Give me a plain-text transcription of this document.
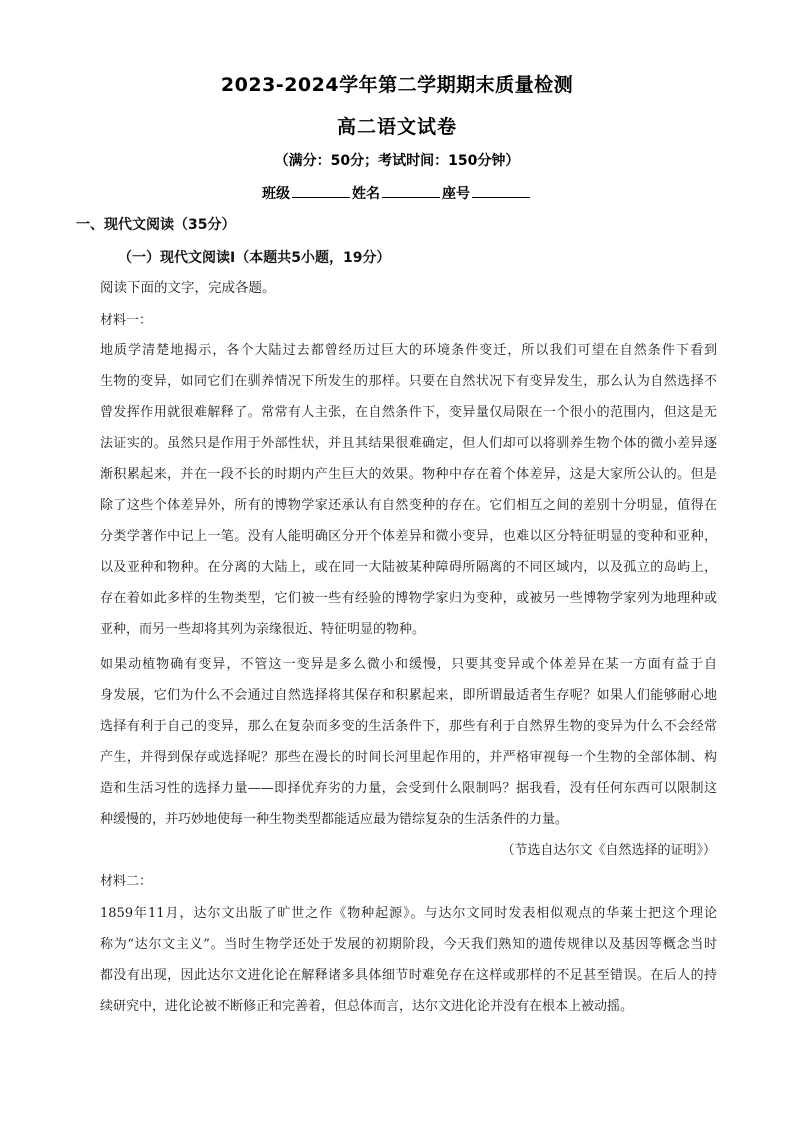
2023-2024学年第二学期期末质量检测
高二语文试卷
（满分：50分；考试时间：150分钟）
班级	姓名	座号
一、现代文阅读（35分）
（一）现代文阅读Ⅰ（本题共5小题，19分）
阅读下面的文字，完成各题。
材料一：
地质学清楚地揭示，各个大陆过去都曾经历过巨大的环境条件变迁，所以我们可望在自然条件下看到
生物的变异，如同它们在驯养情况下所发生的那样。只要在自然状况下有变异发生，那么认为自然选择不
曾发挥作用就很难解释了。常常有人主张，在自然条件下，变异量仅局限在一个很小的范围内，但这是无
法证实的。虽然只是作用于外部性状，并且其结果很难确定，但人们却可以将驯养生物个体的微小差异逐
渐积累起来，并在一段不长的时期内产生巨大的效果。物种中存在着个体差异，这是大家所公认的。但是
除了这些个体差异外，所有的博物学家还承认有自然变种的存在。它们相互之间的差别十分明显，值得在
分类学著作中记上一笔。没有人能明确区分开个体差异和微小变异，也难以区分特征明显的变种和亚种，
以及亚种和物种。在分离的大陆上，或在同一大陆被某种障碍所隔离的不同区域内，以及孤立的岛屿上，
存在着如此多样的生物类型，它们被一些有经验的博物学家归为变种，或被另一些博物学家列为地理种或
亚种，而另一些却将其列为亲缘很近、特征明显的物种。
如果动植物确有变异，不管这一变异是多么微小和缓慢，只要其变异或个体差异在某一方面有益于自
身发展，它们为什么不会通过自然选择将其保存和积累起来，即所谓最适者生存呢？如果人们能够耐心地
选择有利于自己的变异，那么在复杂而多变的生活条件下，那些有利于自然界生物的变异为什么不会经常
产生，并得到保存或选择呢？那些在漫长的时间长河里起作用的，并严格审视每一个生物的全部体制、构
造和生活习性的选择力量——即择优弃劣的力量，会受到什么限制吗？据我看，没有任何东西可以限制这
种缓慢的，并巧妙地使每一种生物类型都能适应最为错综复杂的生活条件的力量。
（节选自达尔文《自然选择的证明》）
材料二：
1859年11月，达尔文出版了旷世之作《物种起源》。与达尔文同时发表相似观点的华莱士把这个理论
称为“达尔文主义”。当时生物学还处于发展的初期阶段，今天我们熟知的遗传规律以及基因等概念当时
都没有出现，因此达尔文进化论在解释诸多具体细节时难免存在这样或那样的不足甚至错误。在后人的持
续研究中，进化论被不断修正和完善着，但总体而言，达尔文进化论并没有在根本上被动摇。
